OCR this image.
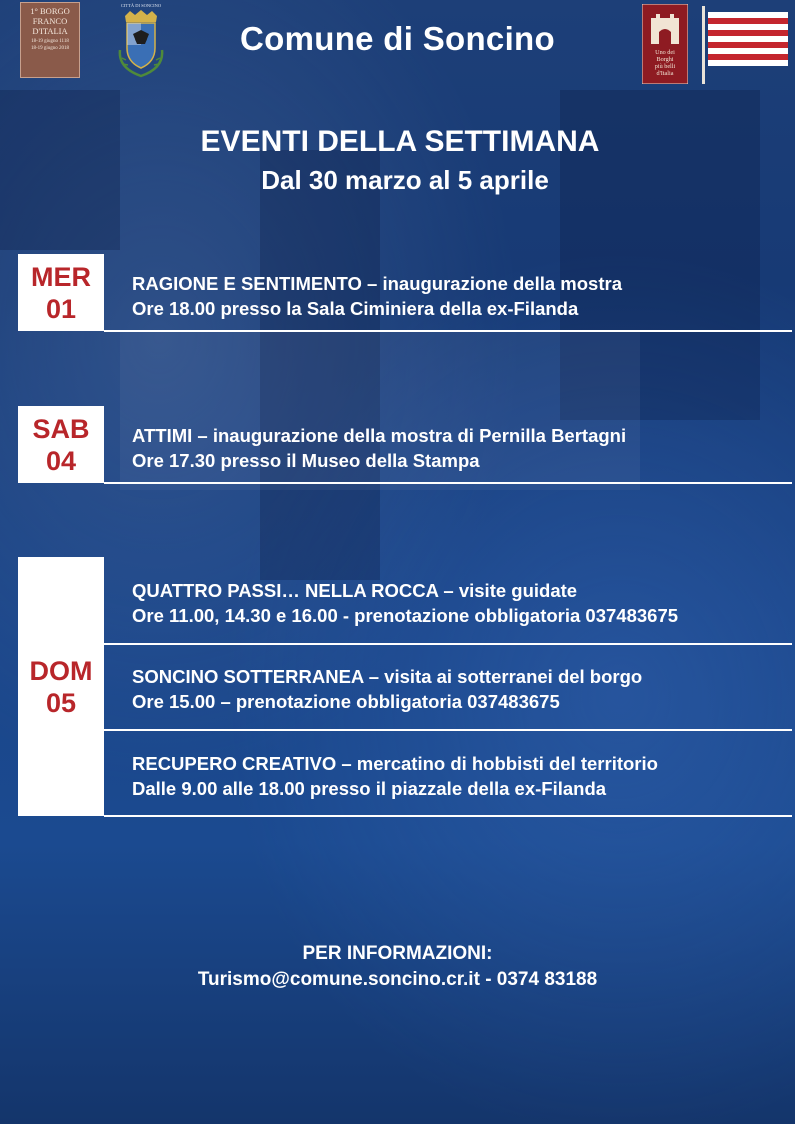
1° BORGO
FRANCO
D'ITALIA
18-19 giugno 1118
18-19 giugno 2018
CITTÀ DI SONCINO
Comune di Soncino	Uno dei
Borghi
più belli
d'Italia
EVENTI DELLA SETTIMANA
Dal 30 marzo al 5 aprile
MER
01
RAGIONE E SENTIMENTO – inaugurazione della mostra
Ore 18.00 presso la Sala Ciminiera della ex-Filanda
SAB
04
ATTIMI – inaugurazione della mostra di Pernilla Bertagni
Ore 17.30 presso il Museo della Stampa
DOM
05
QUATTRO PASSI… NELLA ROCCA – visite guidate
Ore 11.00, 14.30 e 16.00 - prenotazione obbligatoria 037483675
SONCINO SOTTERRANEA – visita ai sotterranei del borgo
Ore 15.00 – prenotazione obbligatoria 037483675
RECUPERO CREATIVO – mercatino di hobbisti del territorio
Dalle 9.00 alle 18.00 presso il piazzale della ex-Filanda
PER INFORMAZIONI:
Turismo@comune.soncino.cr.it - 0374 83188
